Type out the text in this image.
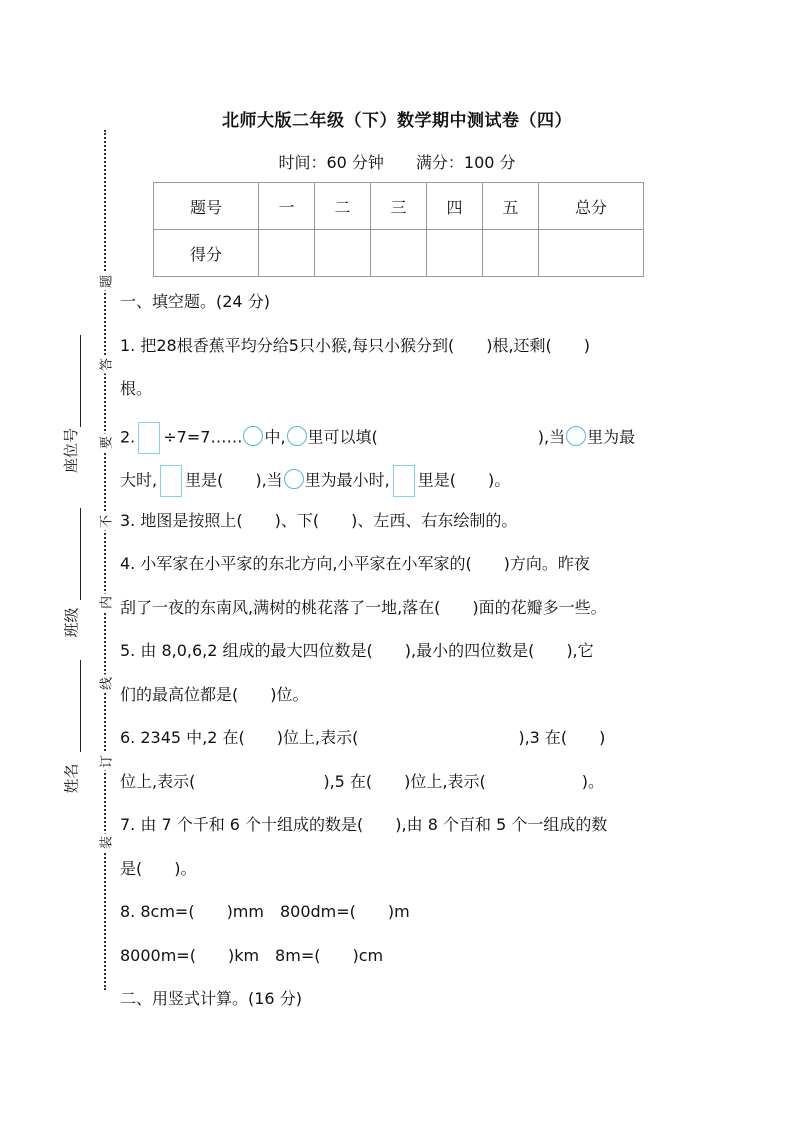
题
答
要
不
内
线
订
装
座位号
班级
姓名
北师大版二年级（下）数学期中测试卷（四）
时间：60 分钟 满分：100 分
题号	一	二	三	四	五	总分
得分						
一、填空题。(24 分)
1. 把28根香蕉平均分给5只小猴,每只小猴分到(　　)根,还剩(　　)
根。
2. ÷7=7…… 中, 里可以填(　　　　　　　　　　),当 里为最
大时, 里是(　　),当 里为最小时, 里是(　　)。
3. 地图是按照上(　　)、下(　　)、左西、右东绘制的。
4. 小军家在小平家的东北方向,小平家在小军家的(　　)方向。昨夜
刮了一夜的东南风,满树的桃花落了一地,落在(　　)面的花瓣多一些。
5. 由 8,0,6,2 组成的最大四位数是(　　),最小的四位数是(　　),它
们的最高位都是(　　)位。
6. 2345 中,2 在(　　)位上,表示(　　　　　　　　　　),3 在(　　)
位上,表示(　　　　　　　　),5 在(　　)位上,表示(　　　　　　)。
7. 由 7 个千和 6 个十组成的数是(　　),由 8 个百和 5 个一组成的数
是(　　)。
8. 8cm=(　　)mm　800dm=(　　)m
8000m=(　　)km　8m=(　　)cm
二、用竖式计算。(16 分)
